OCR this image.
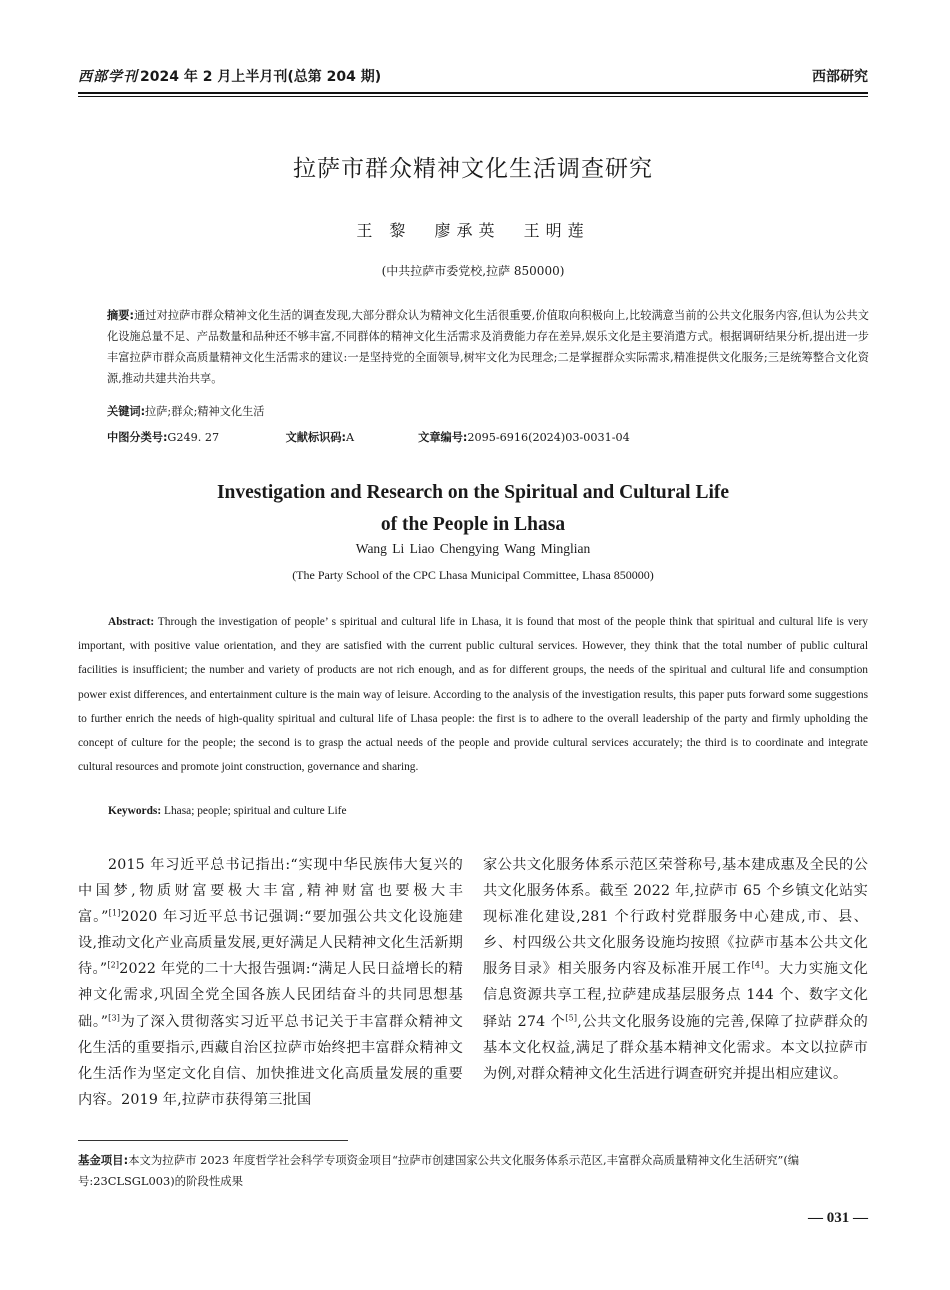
西部学刊 2024 年 2 月上半月刊(总第 204 期)	西部研究
拉萨市群众精神文化生活调查研究
王 黎 廖承英 王明莲
(中共拉萨市委党校,拉萨 850000)
摘要:通过对拉萨市群众精神文化生活的调查发现,大部分群众认为精神文化生活很重要,价值取向积极向上,比较满意当前的公共文化服务内容,但认为公共文化设施总量不足、产品数量和品种还不够丰富,不同群体的精神文化生活需求及消费能力存在差异,娱乐文化是主要消遣方式。根据调研结果分析,提出进一步丰富拉萨市群众高质量精神文化生活需求的建议:一是坚持党的全面领导,树牢文化为民理念;二是掌握群众实际需求,精准提供文化服务;三是统筹整合文化资源,推动共建共治共享。
关键词:拉萨;群众;精神文化生活
中图分类号:G249. 27	文献标识码:A	文章编号:2095-6916(2024)03-0031-04
Investigation and Research on the Spiritual and Cultural Life
of the People in Lhasa
Wang Li Liao Chengying Wang Minglian
(The Party School of the CPC Lhasa Municipal Committee, Lhasa 850000)
Abstract: Through the investigation of people’ s spiritual and cultural life in Lhasa, it is found that most of the people think that spiritual and cultural life is very important, with positive value orientation, and they are satisfied with the current public cultural services. However, they think that the total number of public cultural facilities is insufficient; the number and variety of products are not rich enough, and as for different groups, the needs of the spiritual and cultural life and consumption power exist differences, and entertainment culture is the main way of leisure. According to the analysis of the investigation results, this paper puts forward some suggestions to further enrich the needs of high-quality spiritual and cultural life of Lhasa people: the first is to adhere to the overall leadership of the party and firmly upholding the concept of culture for the people; the second is to grasp the actual needs of the people and provide cultural services accurately; the third is to coordinate and integrate cultural resources and promote joint construction, governance and sharing.
Keywords: Lhasa; people; spiritual and culture Life
2015 年习近平总书记指出:“实现中华民族伟大复兴的中国梦,物质财富要极大丰富,精神财富也要极大丰富。”[1]2020 年习近平总书记强调:“要加强公共文化设施建设,推动文化产业高质量发展,更好满足人民精神文化生活新期待。”[2]2022 年党的二十大报告强调:“满足人民日益增长的精神文化需求,巩固全党全国各族人民团结奋斗的共同思想基础。”[3]为了深入贯彻落实习近平总书记关于丰富群众精神文化生活的重要指示,西藏自治区拉萨市始终把丰富群众精神文化生活作为坚定文化自信、加快推进文化高质量发展的重要内容。2019 年,拉萨市获得第三批国
家公共文化服务体系示范区荣誉称号,基本建成惠及全民的公共文化服务体系。截至 2022 年,拉萨市 65 个乡镇文化站实现标准化建设,281 个行政村党群服务中心建成,市、县、乡、村四级公共文化服务设施均按照《拉萨市基本公共文化服务目录》相关服务内容及标准开展工作[4]。大力实施文化信息资源共享工程,拉萨建成基层服务点 144 个、数字文化驿站 274 个[5],公共文化服务设施的完善,保障了拉萨群众的基本文化权益,满足了群众基本精神文化需求。本文以拉萨市为例,对群众精神文化生活进行调查研究并提出相应建议。
基金项目:本文为拉萨市 2023 年度哲学社会科学专项资金项目“拉萨市创建国家公共文化服务体系示范区,丰富群众高质量精神文化生活研究”(编号:23CLSGL003)的阶段性成果
— 031 —
